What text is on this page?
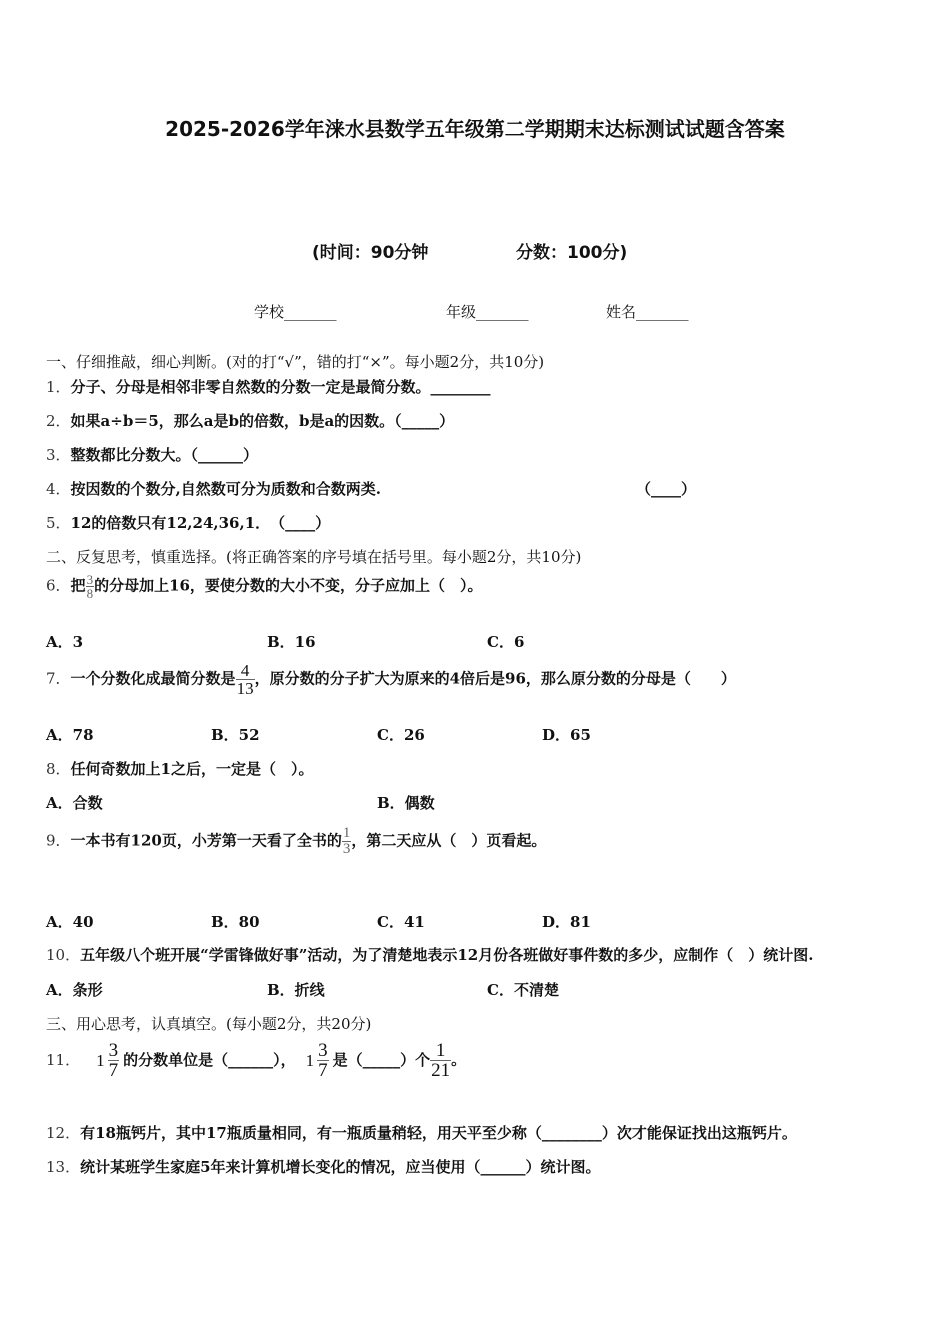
2025-2026学年涞水县数学五年级第二学期期末达标测试试题含答案
(时间：90分钟	分数：100分)
学校_______	年级_______	姓名_______
一、仔细推敲，细心判断。(对的打“√”，错的打“×”。每小题2分，共10分)
1．分子、分母是相邻非零自然数的分数一定是最简分数。________
2．如果a÷b＝5，那么a是b的倍数，b是a的因数。（_____）
3．整数都比分数大。（______）
4．按因数的个数分,自然数可分为质数和合数两类.	（____）
5．12的倍数只有12,24,36,1．　（____）
二、反复思考，慎重选择。(将正确答案的序号填在括号里。每小题2分，共10分)
6．把 $\frac{3}{8}$ 的分母加上16，要使分数的大小不变，分子应加上（　）。
A．3	B．16	C．6
7．一个分数化成最简分数是 $\frac{4}{13}$ ，原分数的分子扩大为原来的4倍后是96，那么原分数的分母是（　　）
A．78	B．52	C．26	D．65
8．任何奇数加上1之后，一定是（　）。
A．合数	B．偶数
9．一本书有120页，小芳第一天看了全书的 $\frac{1}{3}$ ，第二天应从（　）页看起。
A．40	B．80	C．41	D．81
10．五年级八个班开展“学雷锋做好事”活动，为了清楚地表示12月份各班做好事件数的多少，应制作（　）统计图.
A．条形	B．折线	C．不清楚
三、用心思考，认真填空。(每小题2分，共20分)
11． $1 \frac{3}{7}$ 的分数单位是（______）， $1 \frac{3}{7}$ 是（_____）个 $\frac{1}{21}$ 。
12．有18瓶钙片，其中17瓶质量相同，有一瓶质量稍轻，用天平至少称（________）次才能保证找出这瓶钙片。
13．统计某班学生家庭5年来计算机增长变化的情况，应当使用（______）统计图。
